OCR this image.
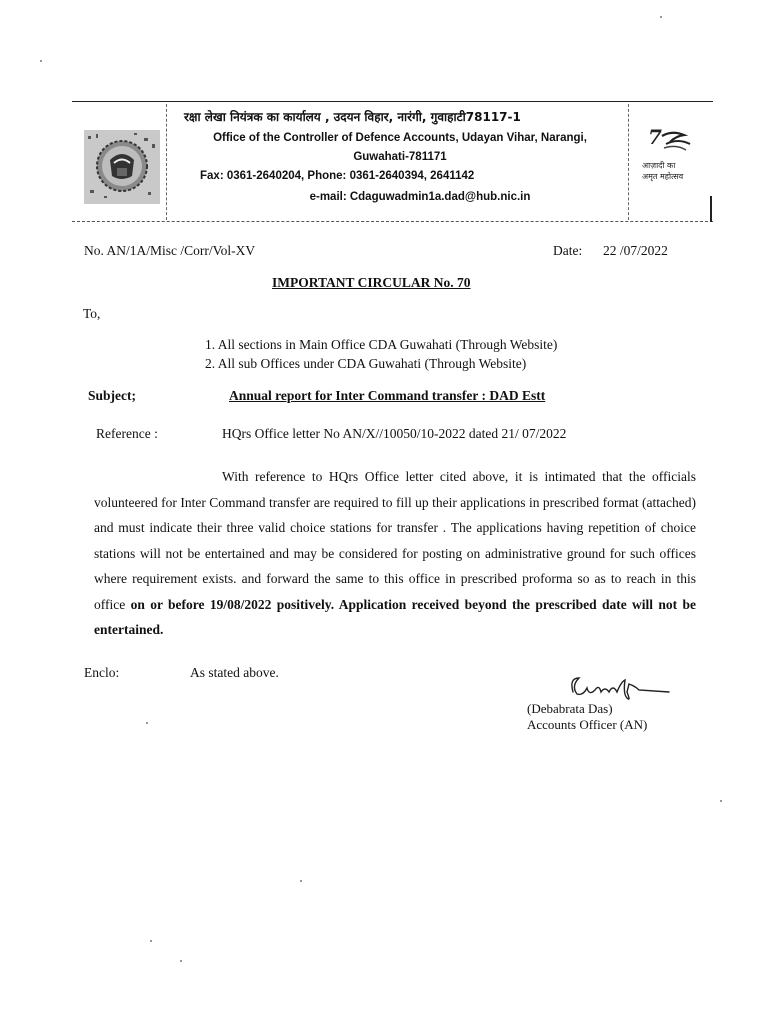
रक्षा लेखा नियंत्रक का कार्यालय , उदयन विहार, नारंगी, गुवाहाटी78117-1
Office of the Controller of Defence Accounts, Udayan Vihar, Narangi,
Guwahati-781171
Fax: 0361-2640204, Phone: 0361-2640394, 2641142
e-mail: Cdaguwadmin1a.dad@hub.nic.in
7
आज़ादी का
अमृत महोत्सव
No. AN/1A/Misc /Corr/Vol-XV	Date: 22 /07/2022
IMPORTANT CIRCULAR No. 70
To,
1. All sections in Main Office CDA Guwahati (Through Website)
2. All sub Offices under CDA Guwahati (Through Website)
Subject;	Annual report for Inter Command transfer : DAD Estt
Reference :	HQrs Office letter No AN/X//10050/10-2022 dated 21/ 07/2022
With reference to HQrs Office letter cited above, it is intimated that the officials volunteered for Inter Command transfer are required to fill up their applications in prescribed format (attached) and must indicate their three valid choice stations for transfer . The applications having repetition of choice stations will not be entertained and may be considered for posting on administrative ground for such offices where requirement exists. and forward the same to this office in prescribed proforma so as to reach in this office on or before 19/08/2022 positively. Application received beyond the prescribed date will not be entertained.
Enclo:	As stated above.
(Debabrata Das)
Accounts Officer (AN)
